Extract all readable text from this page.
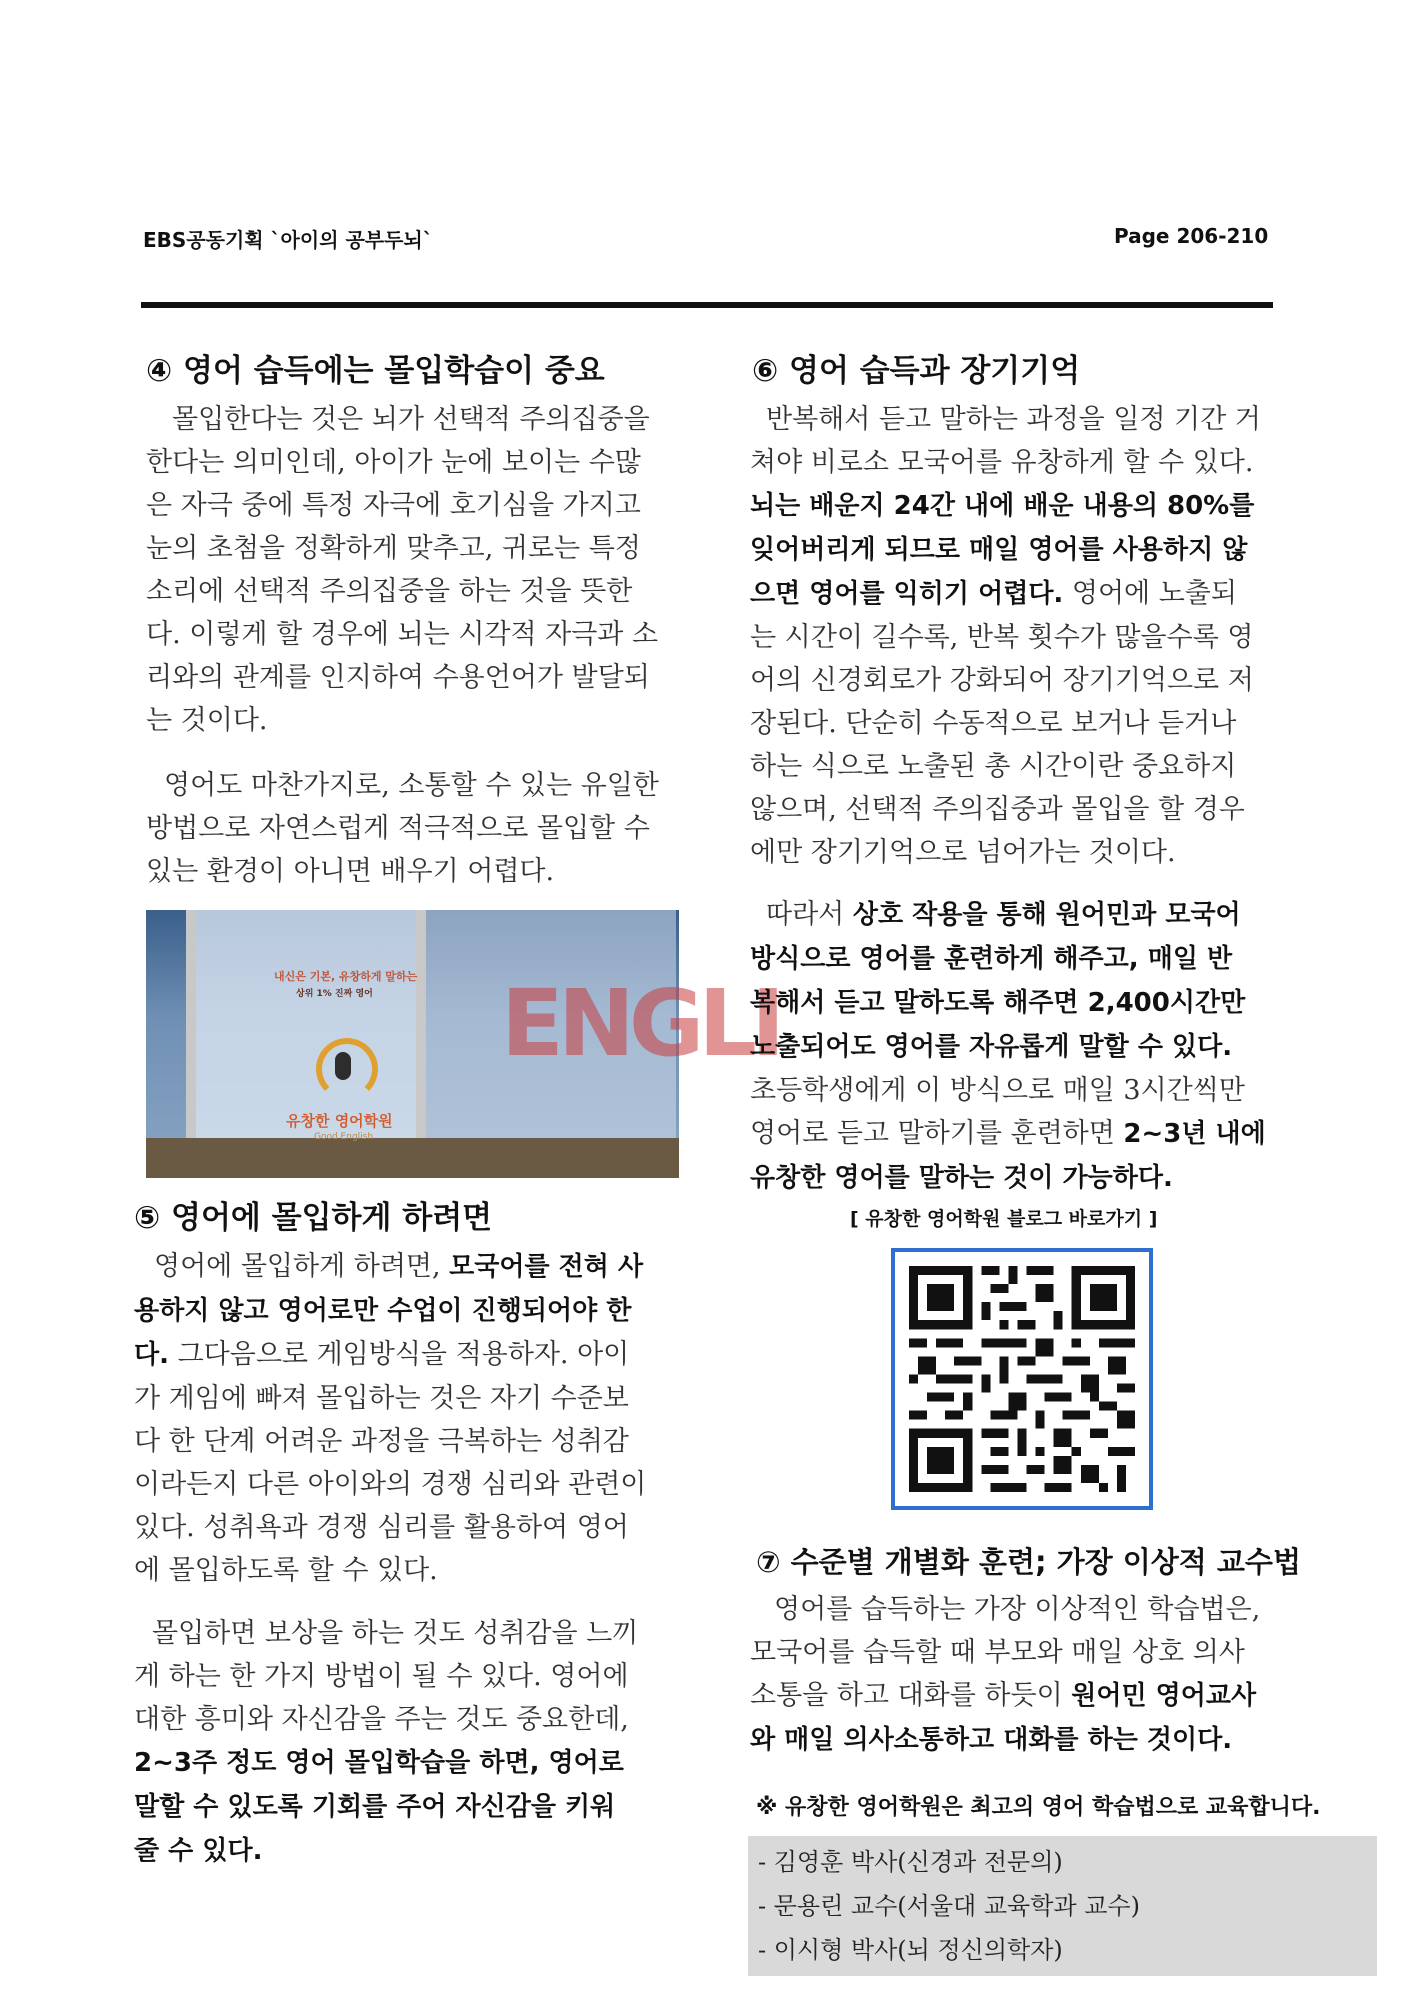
EBS공동기획 `아이의 공부두뇌`	Page 206-210
④ 영어 습득에는 몰입학습이 중요
몰입한다는 것은 뇌가 선택적 주의집중을
한다는 의미인데, 아이가 눈에 보이는 수많
은 자극 중에 특정 자극에 호기심을 가지고
눈의 초첨을 정확하게 맞추고, 귀로는 특정
소리에 선택적 주의집중을 하는 것을 뜻한
다. 이렇게 할 경우에 뇌는 시각적 자극과 소
리와의 관계를 인지하여 수용언어가 발달되
는 것이다.
영어도 마찬가지로, 소통할 수 있는 유일한
방법으로 자연스럽게 적극적으로 몰입할 수
있는 환경이 아니면 배우기 어렵다.
ENGLI
내신은 기본, 유창하게 말하는
상위 1% 진짜 영어
유창한 영어학원
Good English
⑤ 영어에 몰입하게 하려면
영어에 몰입하게 하려면, 모국어를 전혀 사
용하지 않고 영어로만 수업이 진행되어야 한
다. 그다음으로 게임방식을 적용하자. 아이
가 게임에 빠져 몰입하는 것은 자기 수준보
다 한 단계 어려운 과정을 극복하는 성취감
이라든지 다른 아이와의 경쟁 심리와 관련이
있다. 성취욕과 경쟁 심리를 활용하여 영어
에 몰입하도록 할 수 있다.
몰입하면 보상을 하는 것도 성취감을 느끼
게 하는 한 가지 방법이 될 수 있다. 영어에
대한 흥미와 자신감을 주는 것도 중요한데,
2~3주 정도 영어 몰입학습을 하면, 영어로
말할 수 있도록 기회를 주어 자신감을 키워
줄 수 있다.
⑥ 영어 습득과 장기기억
반복해서 듣고 말하는 과정을 일정 기간 거
쳐야 비로소 모국어를 유창하게 할 수 있다.
뇌는 배운지 24간 내에 배운 내용의 80%를
잊어버리게 되므로 매일 영어를 사용하지 않
으면 영어를 익히기 어렵다. 영어에 노출되
는 시간이 길수록, 반복 횟수가 많을수록 영
어의 신경회로가 강화되어 장기기억으로 저
장된다. 단순히 수동적으로 보거나 듣거나
하는 식으로 노출된 총 시간이란 중요하지
않으며, 선택적 주의집중과 몰입을 할 경우
에만 장기기억으로 넘어가는 것이다.
따라서 상호 작용을 통해 원어민과 모국어
방식으로 영어를 훈련하게 해주고, 매일 반
복해서 듣고 말하도록 해주면 2,400시간만
노출되어도 영어를 자유롭게 말할 수 있다.
초등학생에게 이 방식으로 매일 3시간씩만
영어로 듣고 말하기를 훈련하면 2~3년 내에
유창한 영어를 말하는 것이 가능하다.
[ 유창한 영어학원 블로그 바로가기 ]
⑦ 수준별 개별화 훈련; 가장 이상적 교수법
영어를 습득하는 가장 이상적인 학습법은,
모국어를 습득할 때 부모와 매일 상호 의사
소통을 하고 대화를 하듯이 원어민 영어교사
와 매일 의사소통하고 대화를 하는 것이다.
※ 유창한 영어학원은 최고의 영어 학습법으로 교육합니다.
- 김영훈 박사(신경과 전문의)
- 문용린 교수(서울대 교육학과 교수)
- 이시형 박사(뇌 정신의학자)
